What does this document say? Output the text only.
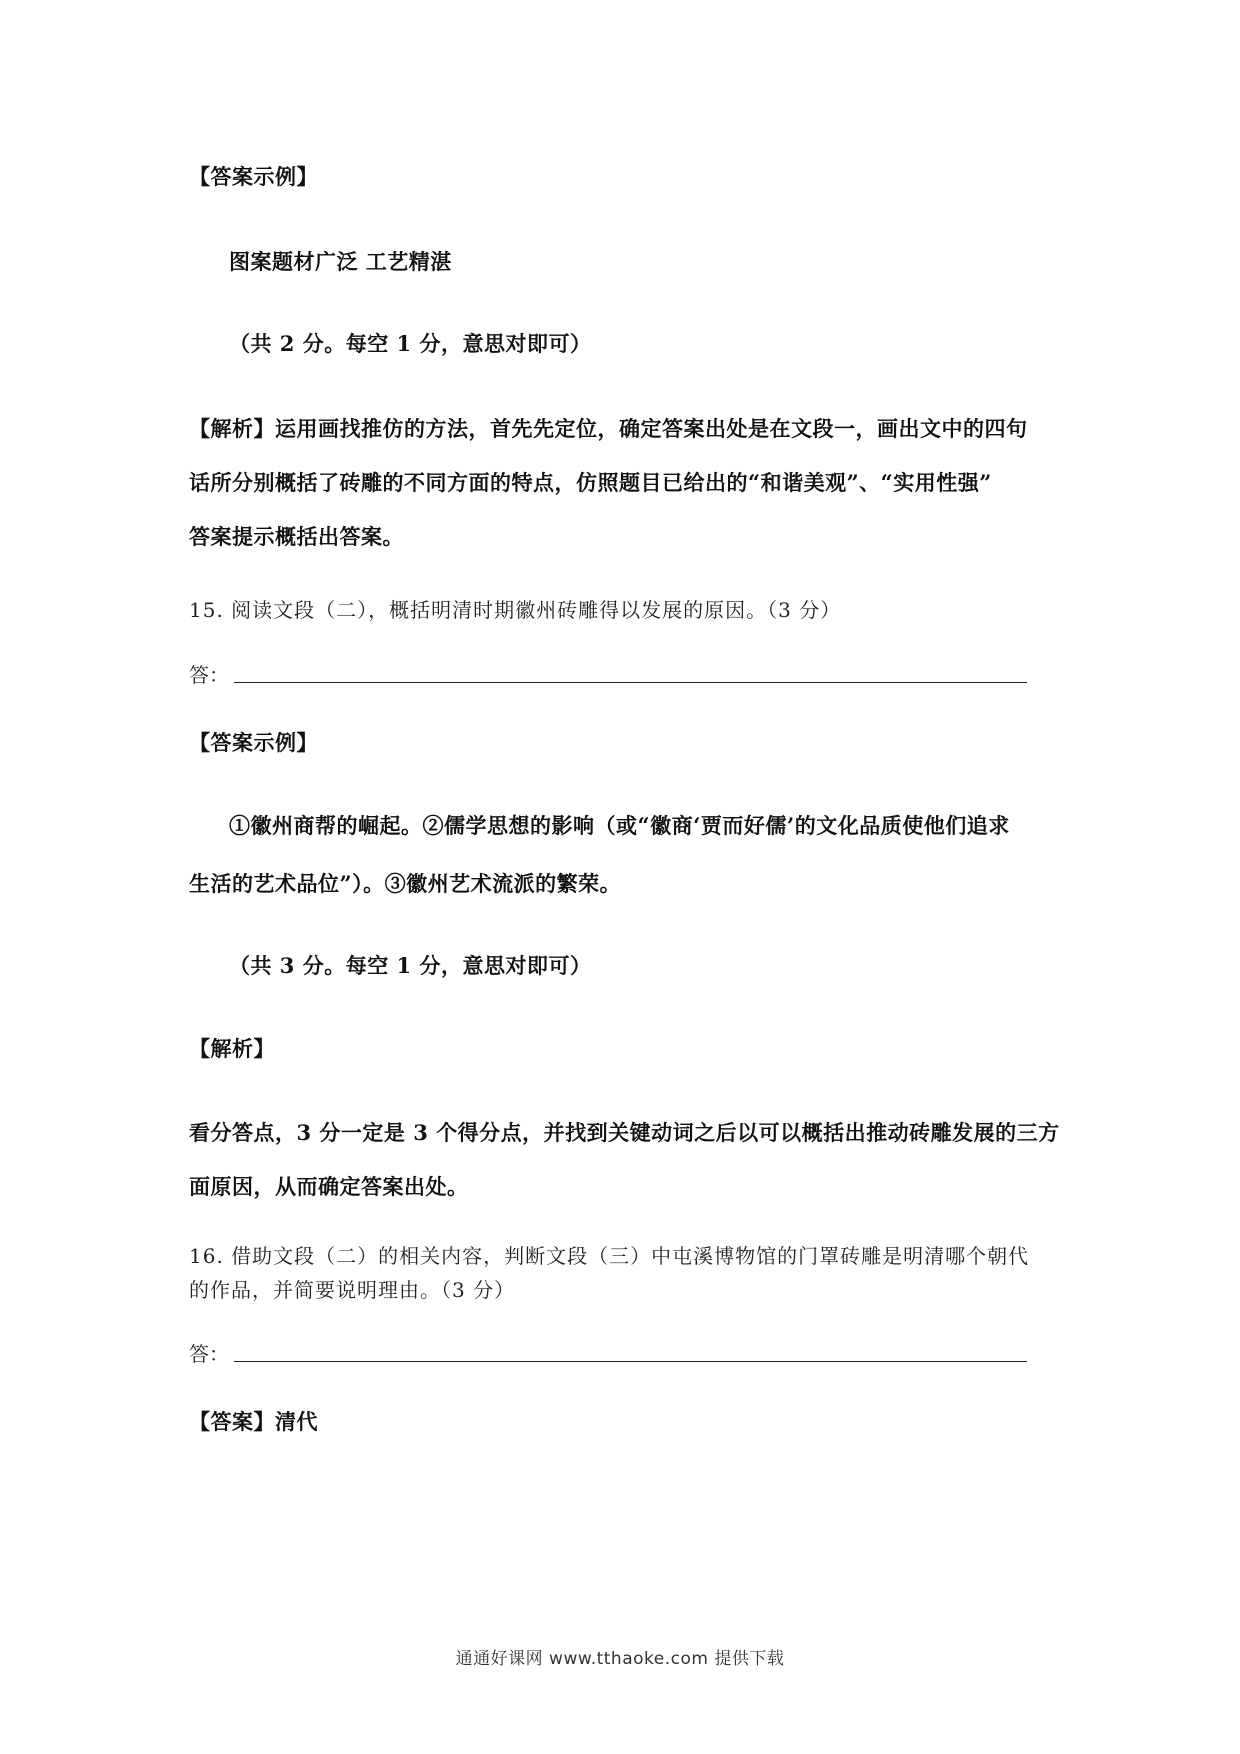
【答案示例】
图案题材广泛 工艺精湛
（共 2 分。每空 1 分，意思对即可）
【解析】运用画找推仿的方法，首先先定位，确定答案出处是在文段一，画出文中的四句
话所分别概括了砖雕的不同方面的特点，仿照题目已给出的“和谐美观”、“实用性强”
答案提示概括出答案。
15. 阅读文段（二），概括明清时期徽州砖雕得以发展的原因。（3 分）
答：
【答案示例】
①徽州商帮的崛起。②儒学思想的影响（或“徽商‘贾而好儒’的文化品质使他们追求
生活的艺术品位”）。③徽州艺术流派的繁荣。
（共 3 分。每空 1 分，意思对即可）
【解析】
看分答点，3 分一定是 3 个得分点，并找到关键动词之后以可以概括出推动砖雕发展的三方
面原因，从而确定答案出处。
16. 借助文段（二）的相关内容，判断文段（三）中屯溪博物馆的门罩砖雕是明清哪个朝代
的作品，并简要说明理由。（3 分）
答：
【答案】清代
通通好课网 www.tthaoke.com 提供下载
